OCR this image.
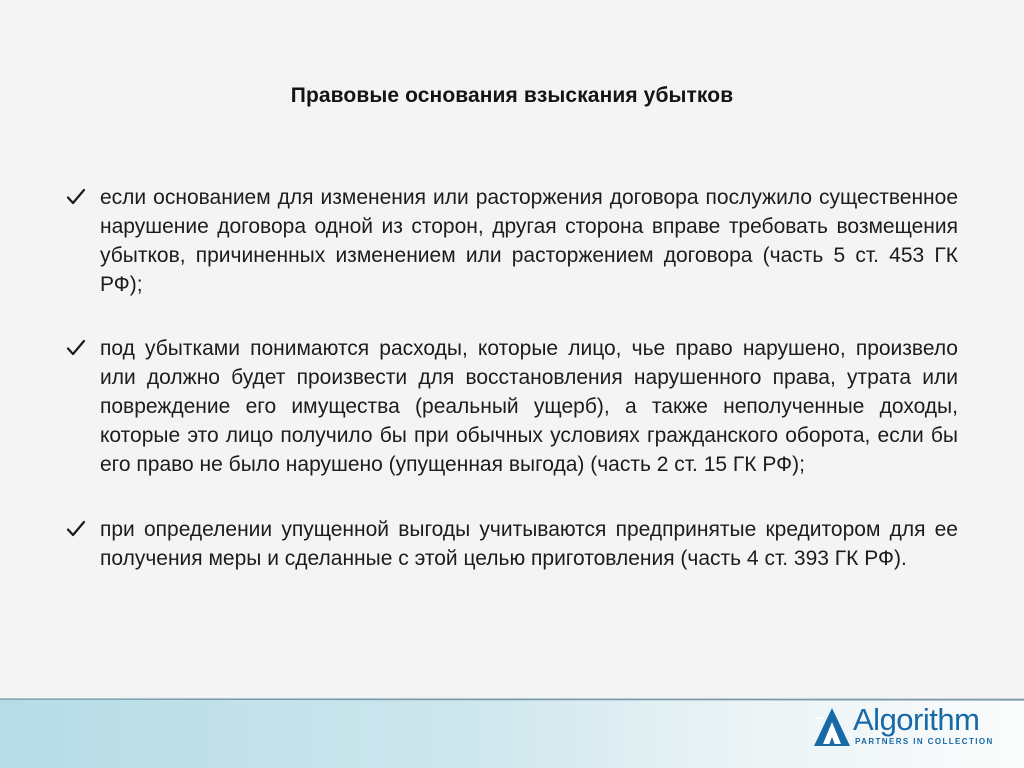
Правовые основания взыскания убытков
если основанием для изменения или расторжения договора послужило существенное нарушение договора одной из сторон, другая сторона вправе требовать возмещения убытков, причиненных изменением или расторжением договора (часть 5 ст. 453 ГК РФ);
под убытками понимаются расходы, которые лицо, чье право нарушено, произвело или должно будет произвести для восстановления нарушенного права, утрата или повреждение его имущества (реальный ущерб), а также неполученные доходы, которые это лицо получило бы при обычных условиях гражданского оборота, если бы его право не было нарушено (упущенная выгода) (часть 2 ст. 15 ГК РФ);
при определении упущенной выгоды учитываются предпринятые кредитором для ее получения меры и сделанные с этой целью приготовления (часть 4 ст. 393 ГК РФ).
Algorithm
PARTNERS IN COLLECTION
